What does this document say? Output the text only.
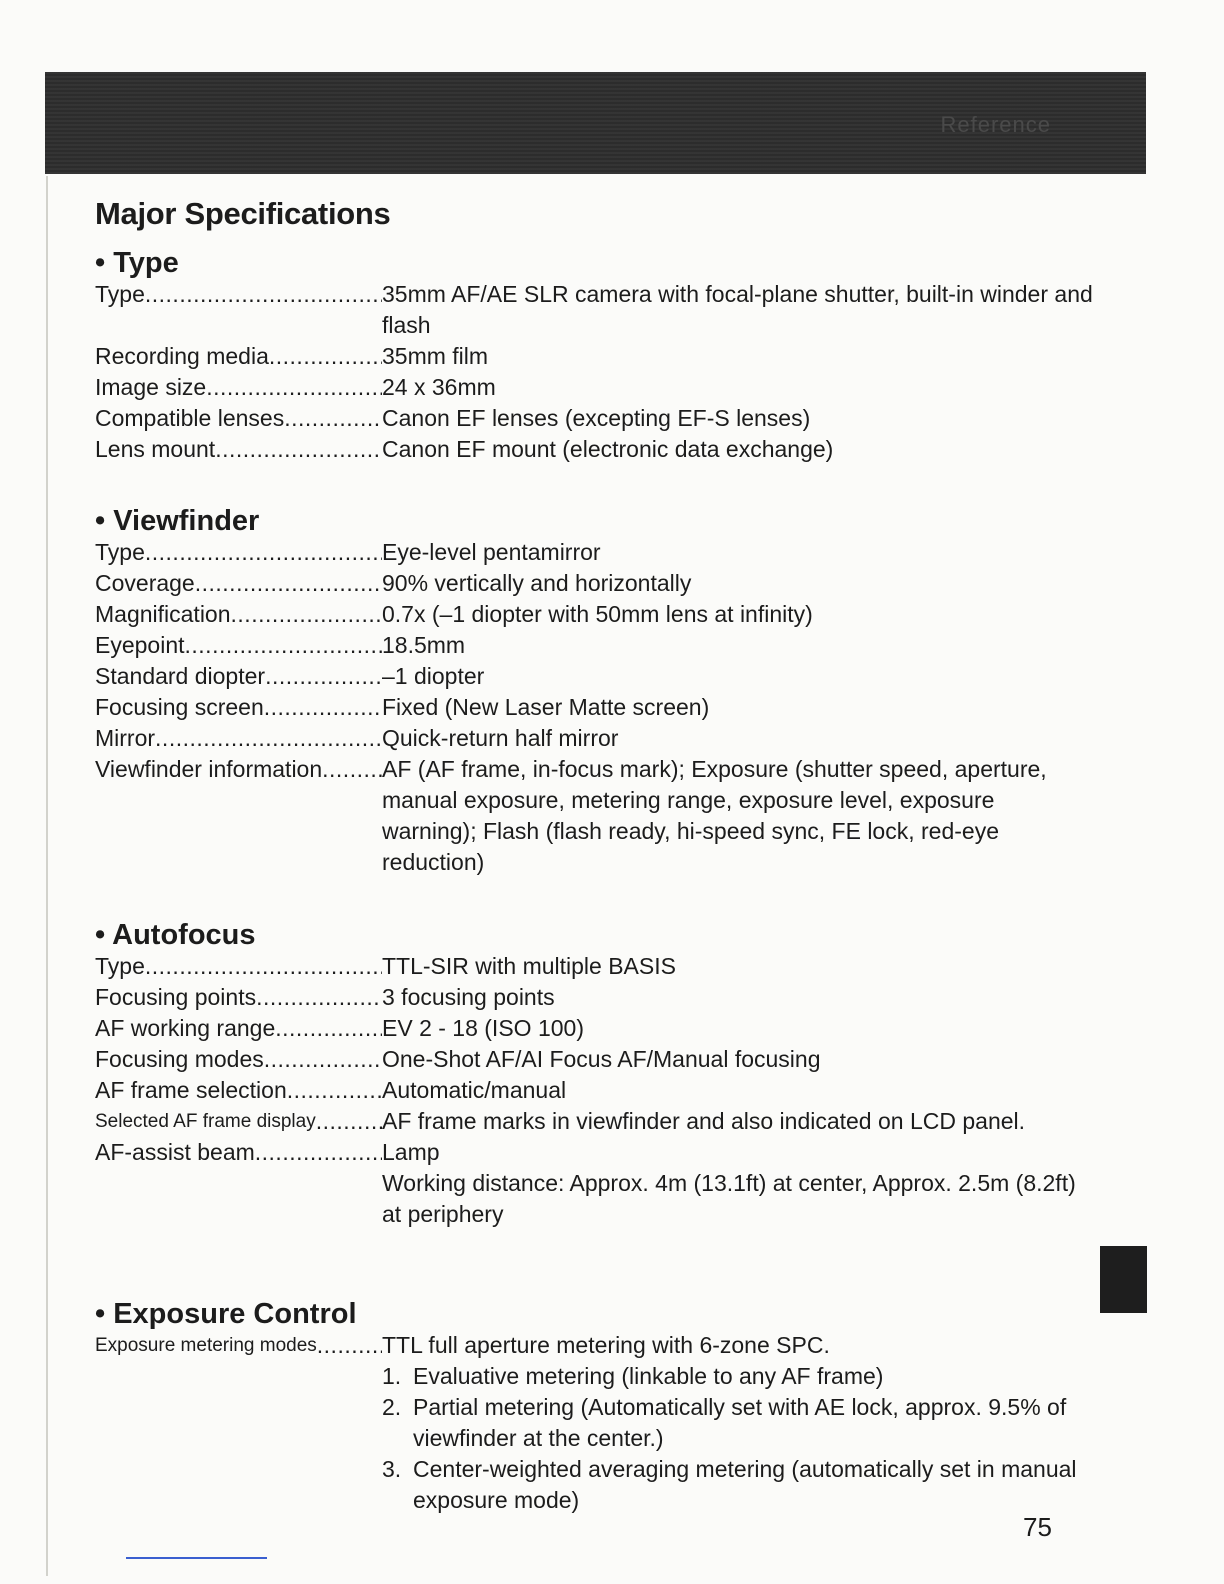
Reference
Major Specifications
• Type
Type .....	35mm AF/AE SLR camera with focal-plane shutter, built-in winder and flash
Recording media .....	35mm film
Image size .....	24 x 36mm
Compatible lenses .....	Canon EF lenses (excepting EF-S lenses)
Lens mount .....	Canon EF mount (electronic data exchange)
• Viewfinder
Type .....	Eye-level pentamirror
Coverage .....	90% vertically and horizontally
Magnification .....	0.7x (–1 diopter with 50mm lens at infinity)
Eyepoint .....	18.5mm
Standard diopter .....	–1 diopter
Focusing screen .....	Fixed (New Laser Matte screen)
Mirror .....	Quick-return half mirror
Viewfinder information .....	AF (AF frame, in-focus mark); Exposure (shutter speed, aperture, manual exposure, metering range, exposure level, exposure warning); Flash (flash ready, hi-speed sync, FE lock, red-eye reduction)
• Autofocus
Type .....	TTL-SIR with multiple BASIS
Focusing points .....	3 focusing points
AF working range .....	EV 2 - 18 (ISO 100)
Focusing modes .....	One-Shot AF/AI Focus AF/Manual focusing
AF frame selection .....	Automatic/manual
Selected AF frame display .....	AF frame marks in viewfinder and also indicated on LCD panel.
AF-assist beam .....	Lamp
Working distance: Approx. 4m (13.1ft) at center, Approx. 2.5m (8.2ft) at periphery
• Exposure Control
Exposure metering modes .....	TTL full aperture metering with 6-zone SPC.
1. Evaluative metering (linkable to any AF frame)
2. Partial metering (Automatically set with AE lock, approx. 9.5% of viewfinder at the center.)
3. Center-weighted averaging metering (automatically set in manual exposure mode)
75
